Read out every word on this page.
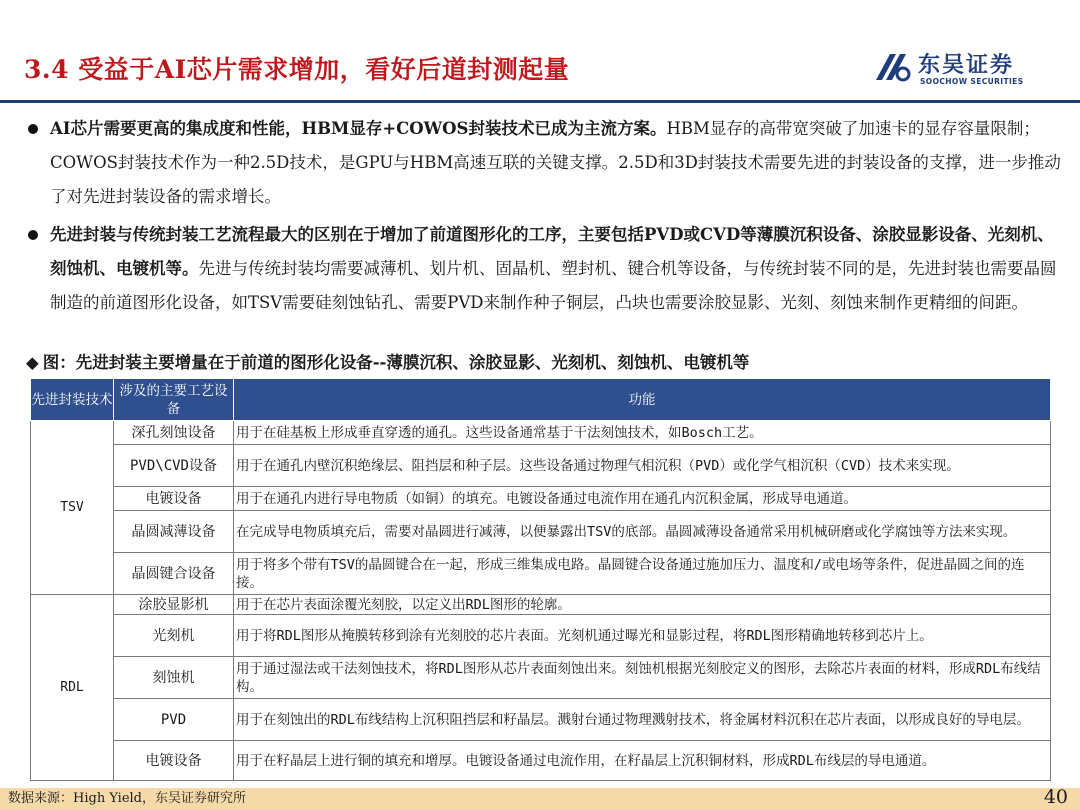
3.4 受益于AI芯片需求增加，看好后道封测起量	东吴证券
SOOCHOW SECURITIES
AI芯片需要更高的集成度和性能，HBM显存+COWOS封装技术已成为主流方案。HBM显存的高带宽突破了加速卡的显存容量限制；COWOS封装技术作为一种2.5D技术，是GPU与HBM高速互联的关键支撑。2.5D和3D封装技术需要先进的封装设备的支撑，进一步推动了对先进封装设备的需求增长。
先进封装与传统封装工艺流程最大的区别在于增加了前道图形化的工序，主要包括PVD或CVD等薄膜沉积设备、涂胶显影设备、光刻机、刻蚀机、电镀机等。先进与传统封装均需要减薄机、划片机、固晶机、塑封机、键合机等设备，与传统封装不同的是，先进封装也需要晶圆制造的前道图形化设备，如TSV需要硅刻蚀钻孔、需要PVD来制作种子铜层，凸块也需要涂胶显影、光刻、刻蚀来制作更精细的间距。
◆ 图：先进封装主要增量在于前道的图形化设备--薄膜沉积、涂胶显影、光刻机、刻蚀机、电镀机等
先进封装技术	涉及的主要工艺设备	功能
TSV	深孔刻蚀设备	用于在硅基板上形成垂直穿透的通孔。这些设备通常基于干法刻蚀技术，如Bosch工艺。
	PVD\CVD设备	用于在通孔内壁沉积绝缘层、阻挡层和种子层。这些设备通过物理气相沉积（PVD）或化学气相沉积（CVD）技术来实现。
	电镀设备	用于在通孔内进行导电物质（如铜）的填充。电镀设备通过电流作用在通孔内沉积金属，形成导电通道。
	晶圆减薄设备	在完成导电物质填充后，需要对晶圆进行减薄，以便暴露出TSV的底部。晶圆减薄设备通常采用机械研磨或化学腐蚀等方法来实现。
	晶圆键合设备	用于将多个带有TSV的晶圆键合在一起，形成三维集成电路。晶圆键合设备通过施加压力、温度和/或电场等条件，促进晶圆之间的连接。
RDL	涂胶显影机	用于在芯片表面涂覆光刻胶，以定义出RDL图形的轮廓。
	光刻机	用于将RDL图形从掩膜转移到涂有光刻胶的芯片表面。光刻机通过曝光和显影过程，将RDL图形精确地转移到芯片上。
	刻蚀机	用于通过湿法或干法刻蚀技术，将RDL图形从芯片表面刻蚀出来。刻蚀机根据光刻胶定义的图形，去除芯片表面的材料，形成RDL布线结构。
	PVD	用于在刻蚀出的RDL布线结构上沉积阻挡层和籽晶层。溅射台通过物理溅射技术，将金属材料沉积在芯片表面，以形成良好的导电层。
	电镀设备	用于在籽晶层上进行铜的填充和增厚。电镀设备通过电流作用，在籽晶层上沉积铜材料，形成RDL布线层的导电通道。
数据来源：High Yield，东吴证券研究所	40
